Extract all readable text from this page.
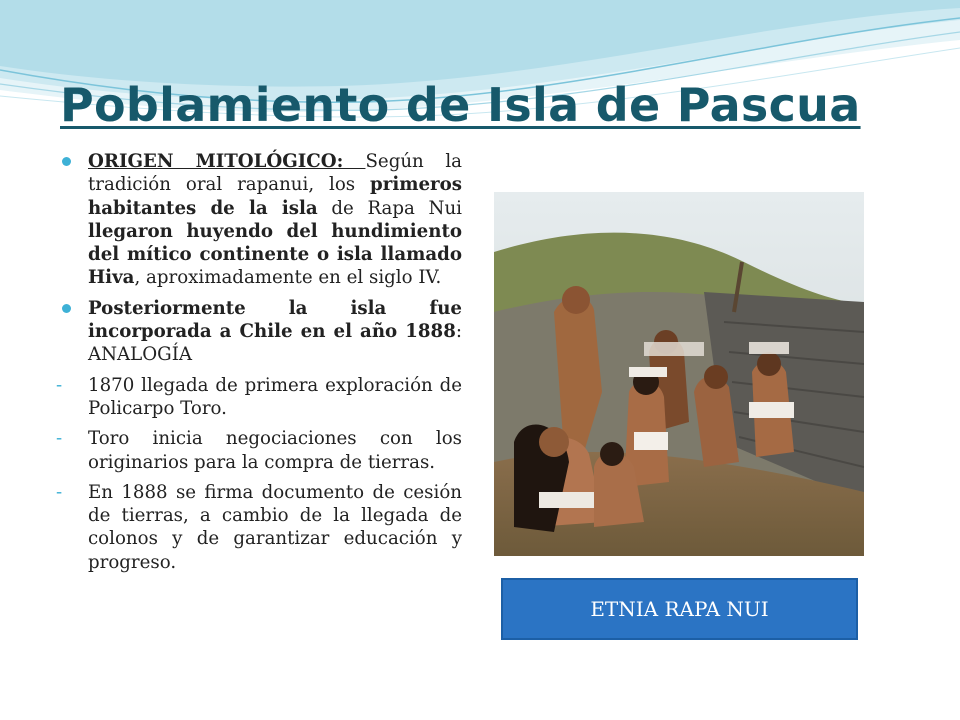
Poblamiento de Isla de Pascua

ORIGEN MITOLÓGICO: Según la tradición oral rapanui, los primeros habitantes de la isla de Rapa Nui llegaron huyendo del hundimiento del mítico continente o isla llamado Hiva, aproximadamente en el siglo IV.

Posteriormente la isla fue incorporada a Chile en el año 1888: ANALOGÍA

- 1870 llegada de primera exploración de Policarpo Toro.

- Toro inicia negociaciones con los originarios para la compra de tierras.

- En 1888 se firma documento de cesión de tierras, a cambio de la llegada de colonos y de garantizar educación y progreso.

ETNIA RAPA NUI
